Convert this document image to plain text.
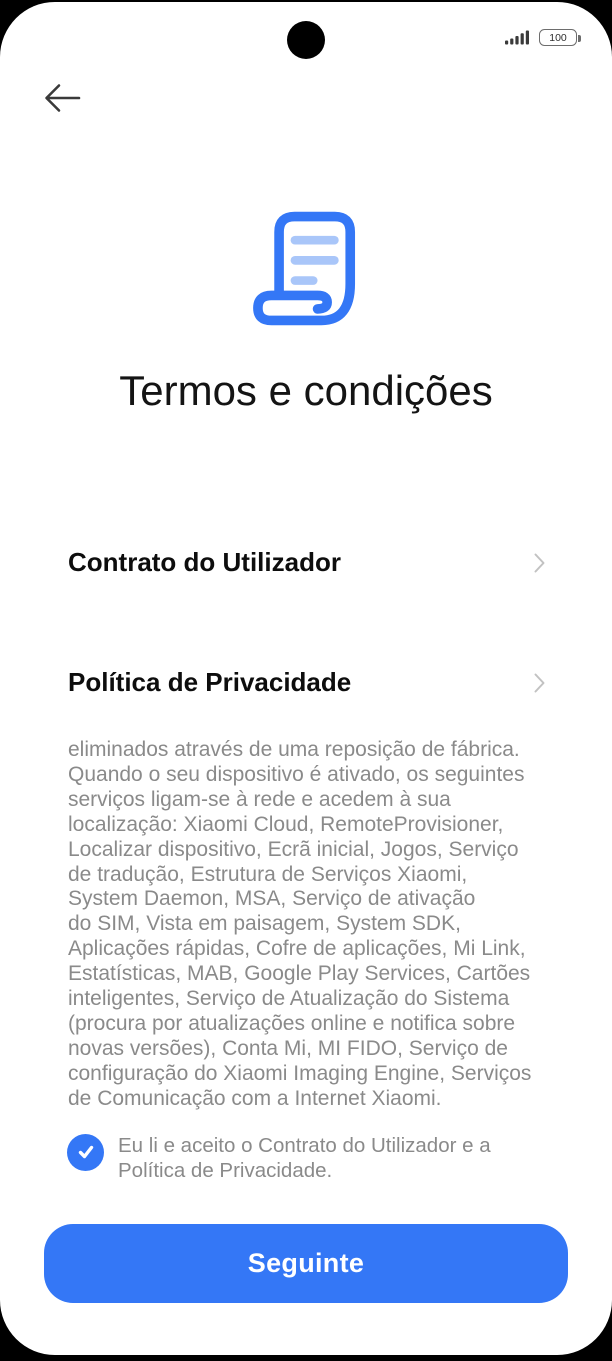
100
Termos e condições
Contrato do Utilizador
Política de Privacidade
eliminados através de uma reposição de fábrica.
Quando o seu dispositivo é ativado, os seguintes
serviços ligam-se à rede e acedem à sua
localização: Xiaomi Cloud, RemoteProvisioner,
Localizar dispositivo, Ecrã inicial, Jogos, Serviço
de tradução, Estrutura de Serviços Xiaomi,
System Daemon, MSA, Serviço de ativação
do SIM, Vista em paisagem, System SDK,
Aplicações rápidas, Cofre de aplicações, Mi Link,
Estatísticas, MAB, Google Play Services, Cartões
inteligentes, Serviço de Atualização do Sistema
(procura por atualizações online e notifica sobre
novas versões), Conta Mi, MI FIDO, Serviço de
configuração do Xiaomi Imaging Engine, Serviços
de Comunicação com a Internet Xiaomi.
Eu li e aceito o Contrato do Utilizador e a
Política de Privacidade.
Seguinte
